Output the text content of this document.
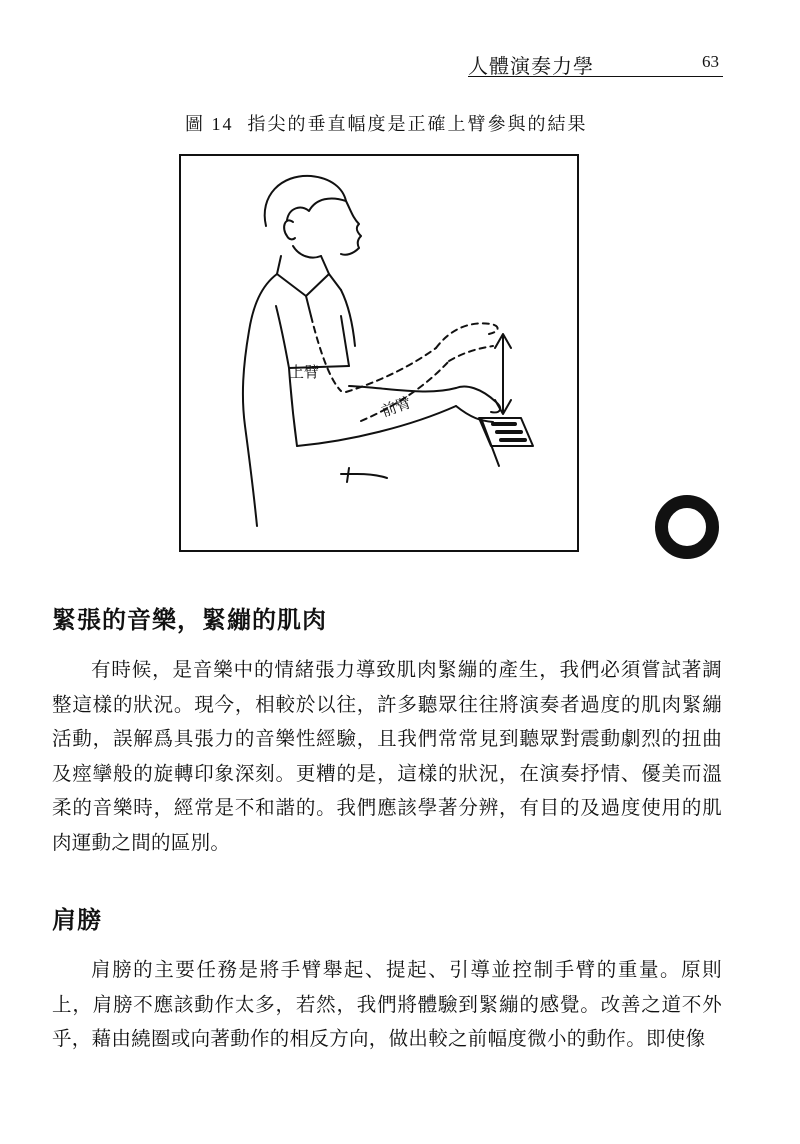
人體演奏力學	63
圖 14 指尖的垂直幅度是正確上臂參與的結果
上臂
前臂
緊張的音樂，緊繃的肌肉
有時候，是音樂中的情緒張力導致肌肉緊繃的產生，我們必須嘗試著調整這樣的狀況。現今，相較於以往，許多聽眾往往將演奏者過度的肌肉緊繃活動，誤解爲具張力的音樂性經驗，且我們常常見到聽眾對震動劇烈的扭曲及痙攣般的旋轉印象深刻。更糟的是，這樣的狀況，在演奏抒情、優美而溫柔的音樂時，經常是不和諧的。我們應該學著分辨，有目的及過度使用的肌肉運動之間的區別。
肩膀
肩膀的主要任務是將手臂舉起、提起、引導並控制手臂的重量。原則上，肩膀不應該動作太多，若然，我們將體驗到緊繃的感覺。改善之道不外乎，藉由繞圈或向著動作的相反方向，做出較之前幅度微小的動作。即使像
